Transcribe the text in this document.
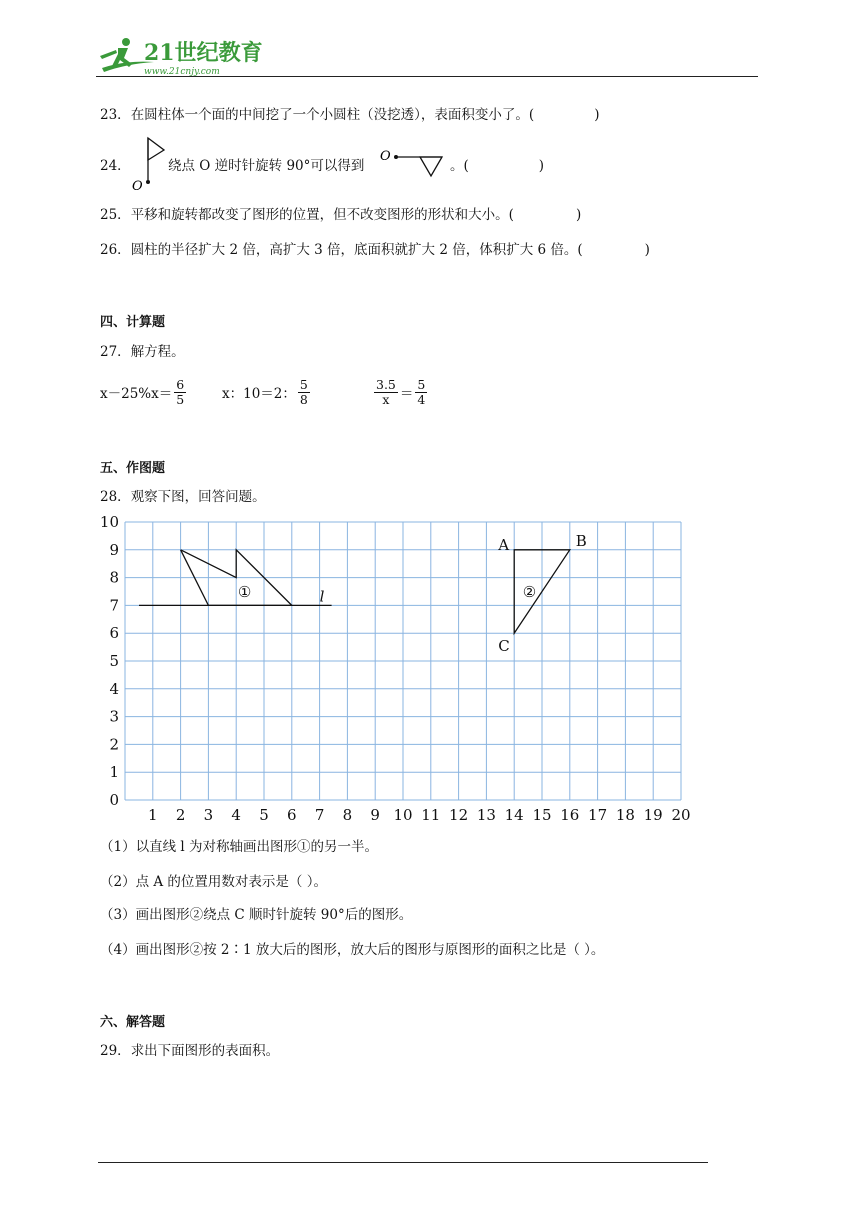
21世纪教育
www.21cnjy.com
23．在圆柱体一个面的中间挖了一个小圆柱（没挖透），表面积变小了。(	)
24．
O
绕点 O 逆时针旋转 90°可以得到
O
。(	)
25．平移和旋转都改变了图形的位置，但不改变图形的形状和大小。(	)
26．圆柱的半径扩大 2 倍，高扩大 3 倍，底面积就扩大 2 倍，体积扩大 6 倍。(	)
四、计算题
27．解方程。
$x-25\%x= \frac{6}{5}$	x：10＝2： $\frac{5}{8}$	$\frac{3.5}{x} = \frac{5}{4}$
五、作图题
28．观察下图，回答问题。
1 2 3 4 5 6 7 8 9 10 11 12 13 14 15 16 17 18 19 20
0
1
2
3
4
5
6
7
8
9
10
l
①	②
A	B
C
（1）以直线 l 为对称轴画出图形①的另一半。
（2）点 A 的位置用数对表示是（ ）。
（3）画出图形②绕点 C 顺时针旋转 90°后的图形。
（4）画出图形②按 2∶1 放大后的图形，放大后的图形与原图形的面积之比是（ ）。
六、解答题
29．求出下面图形的表面积。
